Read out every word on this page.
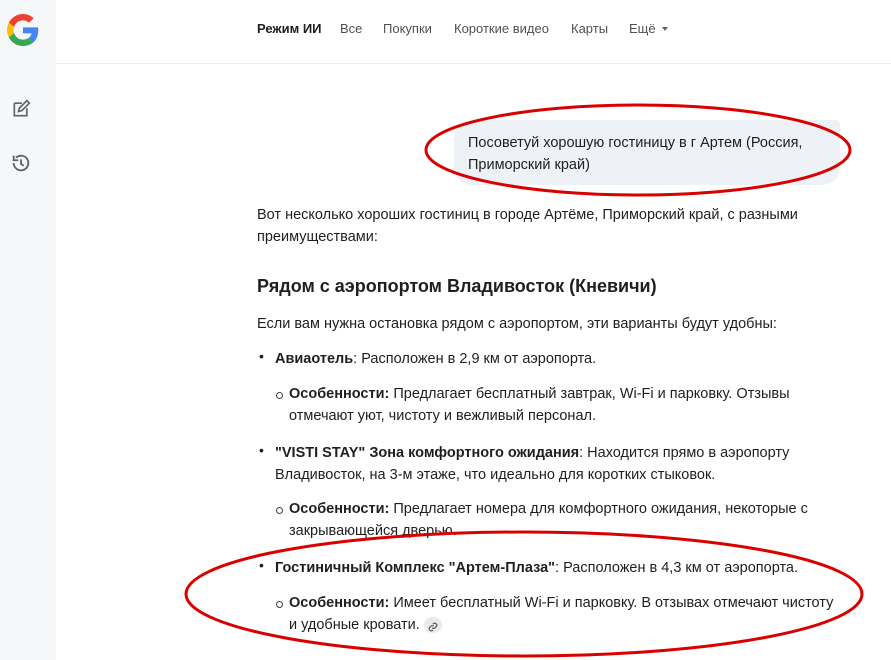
Режим ИИ Все Покупки Короткие видео Карты Ещё
Посоветуй хорошую гостиницу в г Артем (Россия, Приморский край)
Вот несколько хороших гостиниц в городе Артёме, Приморский край, с разными преимуществами:
Рядом с аэропортом Владивосток (Кневичи)
Если вам нужна остановка рядом с аэропортом, эти варианты будут удобны:
• Авиаотель: Расположен в 2,9 км от аэропорта.
Особенности: Предлагает бесплатный завтрак, Wi-Fi и парковку. Отзывы отмечают уют, чистоту и вежливый персонал.
• "VISTI STAY" Зона комфортного ожидания: Находится прямо в аэропорту Владивосток, на 3-м этаже, что идеально для коротких стыковок.
Особенности: Предлагает номера для комфортного ожидания, некоторые с закрывающейся дверью.
• Гостиничный Комплекс "Артем-Плаза": Расположен в 4,3 км от аэропорта.
Особенности: Имеет бесплатный Wi-Fi и парковку. В отзывах отмечают чистоту и удобные кровати.
